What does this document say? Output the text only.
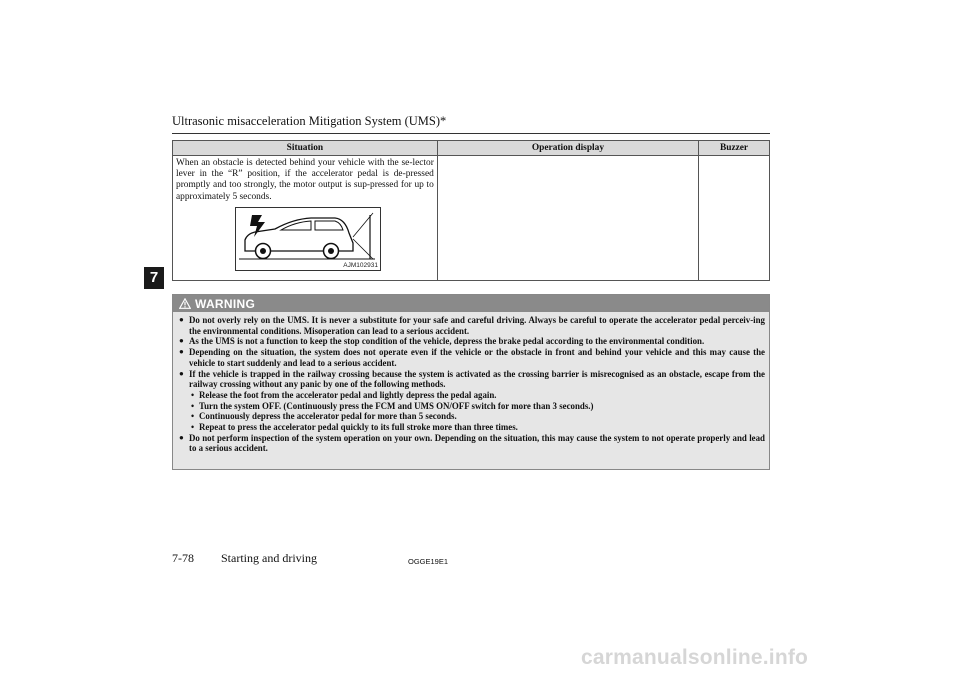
Ultrasonic misacceleration Mitigation System (UMS)*
7
Situation	Operation display	Buzzer

When an obstacle is detected behind your vehicle with the se-lector lever in the “R” position, if the accelerator pedal is de-pressed promptly and too strongly, the motor output is sup-pressed for up to approximately 5 seconds.
AJM102931		

WARNING
● Do not overly rely on the UMS. It is never a substitute for your safe and careful driving. Always be careful to operate the accelerator pedal perceiv-ing the environmental conditions. Misoperation can lead to a serious accident.
● As the UMS is not a function to keep the stop condition of the vehicle, depress the brake pedal according to the environmental condition.
● Depending on the situation, the system does not operate even if the vehicle or the obstacle in front and behind your vehicle and this may cause the vehicle to start suddenly and lead to a serious accident.
● If the vehicle is trapped in the railway crossing because the system is activated as the crossing barrier is misrecognised as an obstacle, escape from the railway crossing without any panic by one of the following methods.
• Release the foot from the accelerator pedal and lightly depress the pedal again.
• Turn the system OFF. (Continuously press the FCM and UMS ON/OFF switch for more than 3 seconds.)
• Continuously depress the accelerator pedal for more than 5 seconds.
• Repeat to press the accelerator pedal quickly to its full stroke more than three times.
● Do not perform inspection of the system operation on your own. Depending on the situation, this may cause the system to not operate properly and lead to a serious accident.
7-78 Starting and driving	OGGE19E1
carmanualsonline.info
